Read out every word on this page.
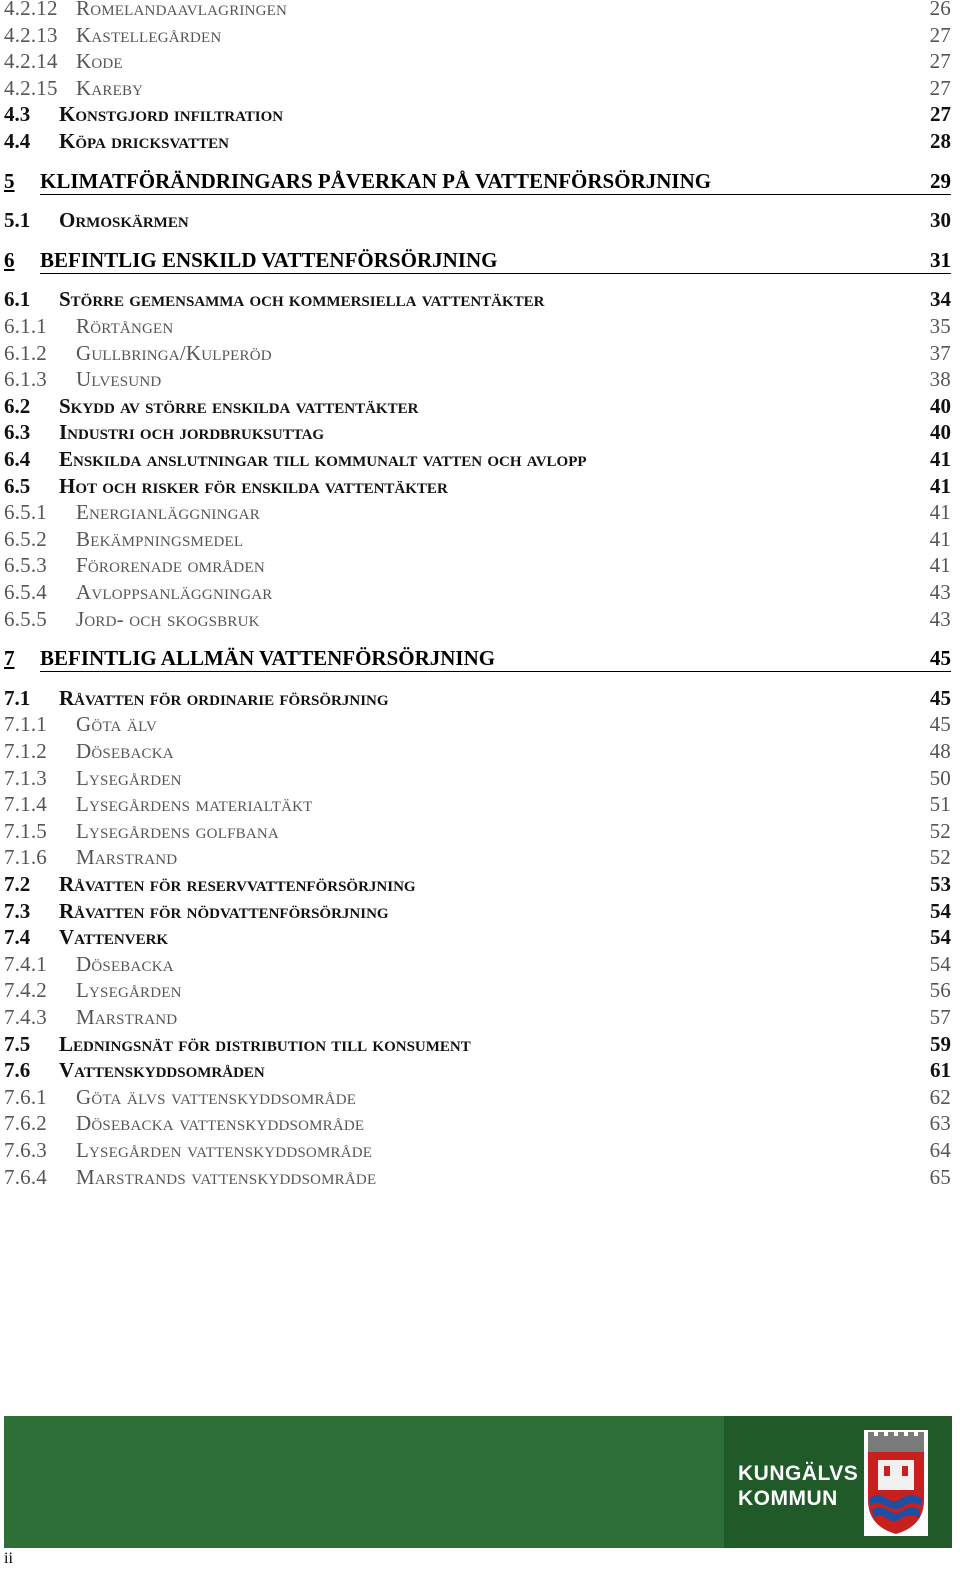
4.2.12 Romelandaavlagringen	26
4.2.13 Kastellegården	27
4.2.14 Kode	27
4.2.15 Kareby	27
4.3 Konstgjord infiltration	27
4.4 Köpa dricksvatten	28
5 KLIMATFÖRÄNDRINGARS PÅVERKAN PÅ VATTENFÖRSÖRJNING	29
5.1 Ormoskärmen	30
6 BEFINTLIG ENSKILD VATTENFÖRSÖRJNING	31
6.1 Större gemensamma och kommersiella vattentäkter	34
6.1.1 Rörtången	35
6.1.2 Gullbringa/Kulperöd	37
6.1.3 Ulvesund	38
6.2 Skydd av större enskilda vattentäkter	40
6.3 Industri och jordbruksuttag	40
6.4 Enskilda anslutningar till kommunalt vatten och avlopp	41
6.5 Hot och risker för enskilda vattentäkter	41
6.5.1 Energianläggningar	41
6.5.2 Bekämpningsmedel	41
6.5.3 Förorenade områden	41
6.5.4 Avloppsanläggningar	43
6.5.5 Jord- och skogsbruk	43
7 BEFINTLIG ALLMÄN VATTENFÖRSÖRJNING	45
7.1 Råvatten för ordinarie försörjning	45
7.1.1 Göta älv	45
7.1.2 Dösebacka	48
7.1.3 Lysegården	50
7.1.4 Lysegårdens materialtäkt	51
7.1.5 Lysegårdens golfbana	52
7.1.6 Marstrand	52
7.2 Råvatten för reservvattenförsörjning	53
7.3 Råvatten för nödvattenförsörjning	54
7.4 Vattenverk	54
7.4.1 Dösebacka	54
7.4.2 Lysegården	56
7.4.3 Marstrand	57
7.5 Ledningsnät för distribution till konsument	59
7.6 Vattenskyddsområden	61
7.6.1 Göta älvs vattenskyddsområde	62
7.6.2 Dösebacka vattenskyddsområde	63
7.6.3 Lysegården vattenskyddsområde	64
7.6.4 Marstrands vattenskyddsområde	65
KUNGÄLVS
KOMMUN
ii
